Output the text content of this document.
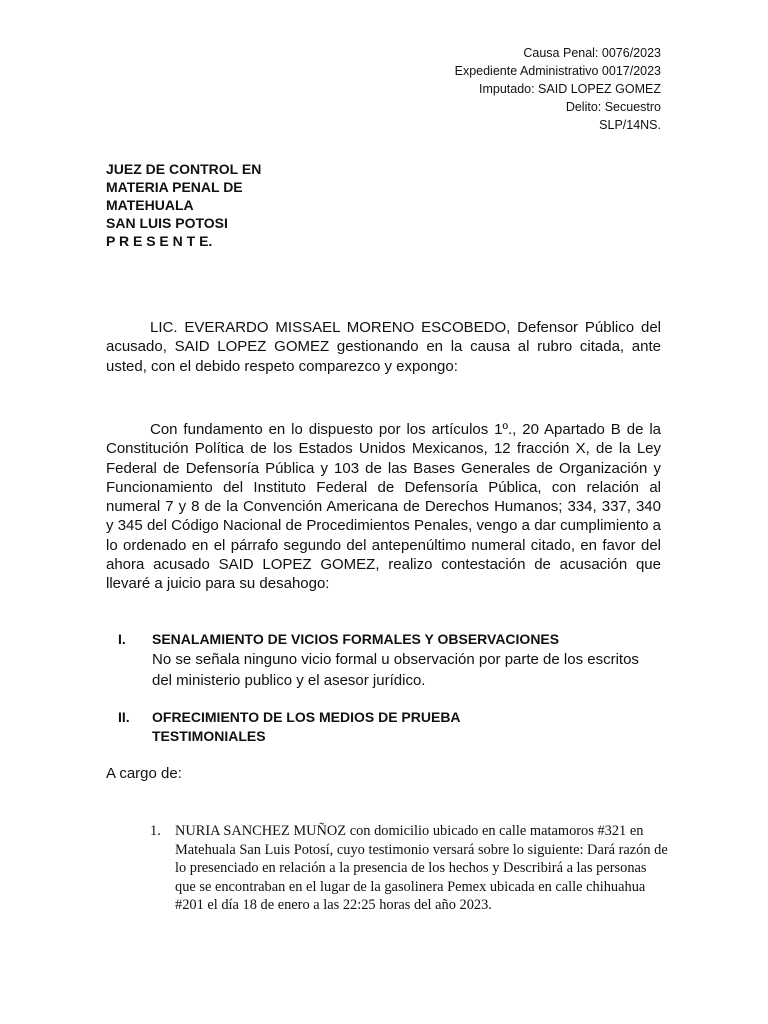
Causa Penal: 0076/2023
Expediente Administrativo 0017/2023
Imputado: SAID LOPEZ GOMEZ
Delito: Secuestro
SLP/14NS.
JUEZ DE CONTROL EN
MATERIA PENAL DE
MATEHUALA
SAN LUIS POTOSI
P R E S E N T E.
LIC. EVERARDO MISSAEL MORENO ESCOBEDO, Defensor Público del acusado, SAID LOPEZ GOMEZ gestionando en la causa al rubro citada, ante usted, con el debido respeto comparezco y expongo:
Con fundamento en lo dispuesto por los artículos 1º., 20 Apartado B de la Constitución Política de los Estados Unidos Mexicanos, 12 fracción X, de la Ley Federal de Defensoría Pública y 103 de las Bases Generales de Organización y Funcionamiento del Instituto Federal de Defensoría Pública, con relación al numeral 7 y 8 de la Convención Americana de Derechos Humanos; 334, 337, 340 y 345 del Código Nacional de Procedimientos Penales, vengo a dar cumplimiento a lo ordenado en el párrafo segundo del antepenúltimo numeral citado, en favor del ahora acusado SAID LOPEZ GOMEZ, realizo contestación de acusación que llevaré a juicio para su desahogo:
I. SENALAMIENTO DE VICIOS FORMALES Y OBSERVACIONES
No se señala ninguno vicio formal u observación por parte de los escritos del ministerio publico y el asesor jurídico.
II. OFRECIMIENTO DE LOS MEDIOS DE PRUEBA
TESTIMONIALES
A cargo de:
1. NURIA SANCHEZ MUÑOZ con domicilio ubicado en calle matamoros #321 en Matehuala San Luis Potosí, cuyo testimonio versará sobre lo siguiente: Dará razón de lo presenciado en relación a la presencia de los hechos y Describirá a las personas que se encontraban en el lugar de la gasolinera Pemex ubicada en calle chihuahua #201 el día 18 de enero a las 22:25 horas del año 2023.
